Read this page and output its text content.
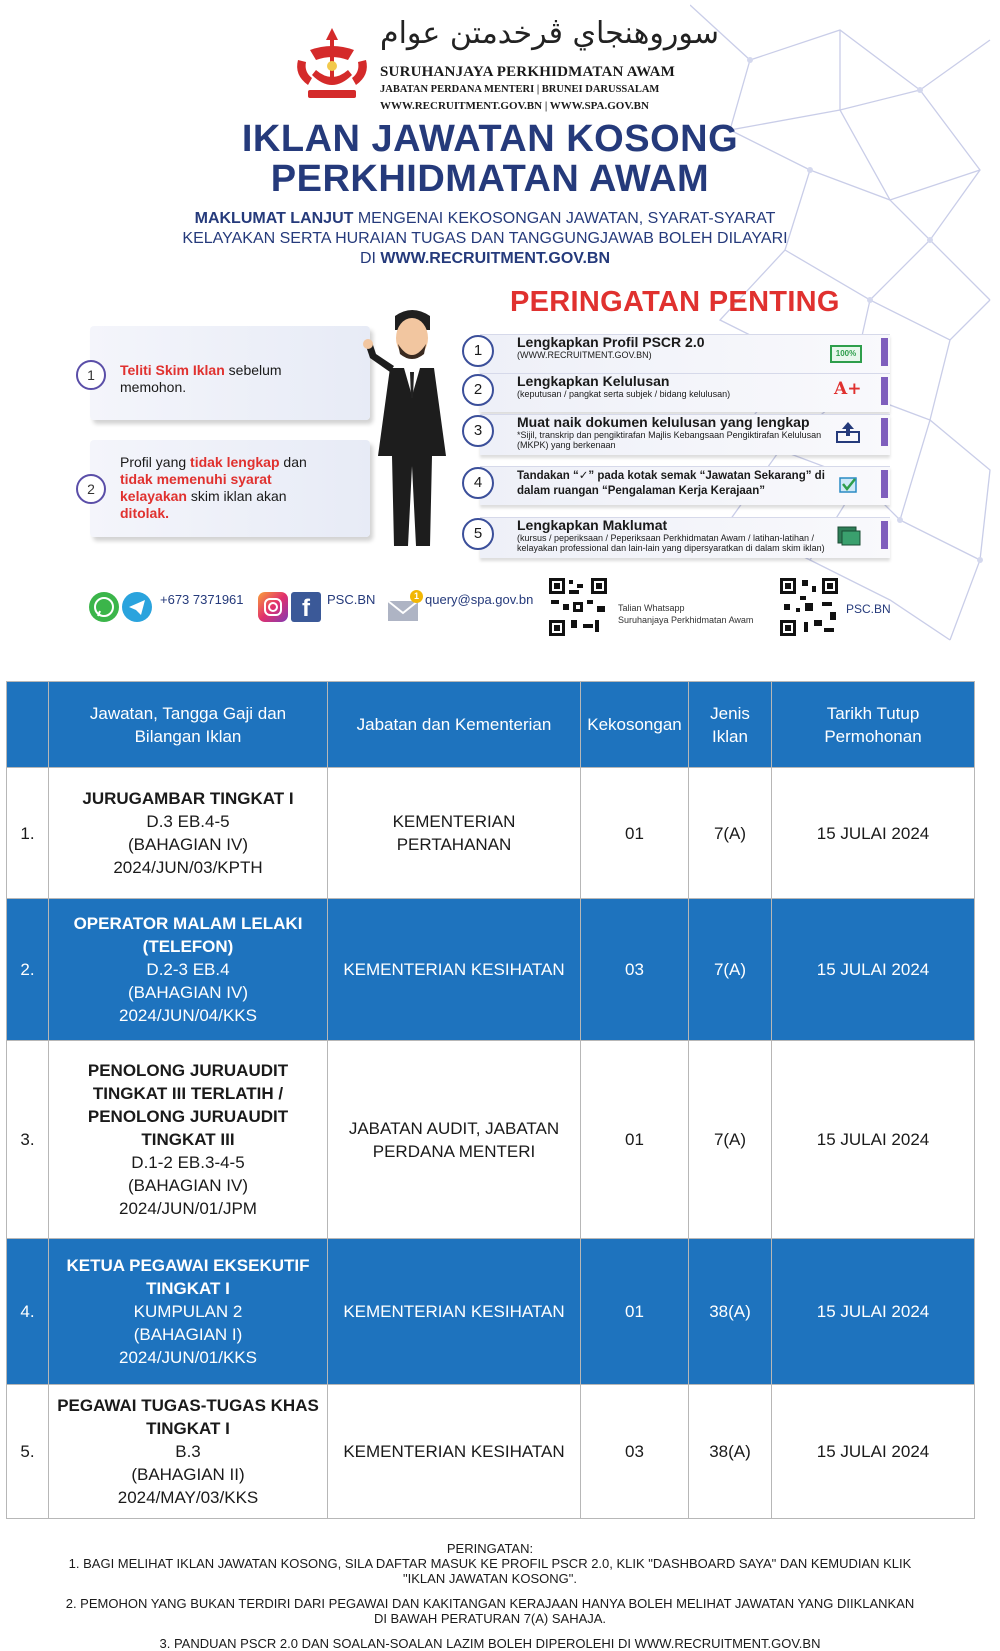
سوروهنجاي ڤرخدمتن عوام
SURUHANJAYA PERKHIDMATAN AWAM
JABATAN PERDANA MENTERI | BRUNEI DARUSSALAM
WWW.RECRUITMENT.GOV.BN | WWW.SPA.GOV.BN
IKLAN JAWATAN KOSONG
PERKHIDMATAN AWAM
MAKLUMAT LANJUT MENGENAI KEKOSONGAN JAWATAN, SYARAT-SYARAT
KELAYAKAN SERTA HURAIAN TUGAS DAN TANGGUNGJAWAB BOLEH DILAYARI
DI WWW.RECRUITMENT.GOV.BN
PERINGATAN PENTING
1	Teliti Skim Iklan sebelum memohon.
2
Profil yang tidak lengkap dan tidak memenuhi syarat kelayakan skim iklan akan ditolak.
1	Lengkapkan Profil PSCR 2.0
(WWW.RECRUITMENT.GOV.BN)	100%
2	Lengkapkan Kelulusan
(keputusan / pangkat serta subjek / bidang kelulusan)	A+
3	Muat naik dokumen kelulusan yang lengkap
*Sijil, transkrip dan pengiktirafan Majlis Kebangsaan Pengiktirafan Kelulusan (MKPK) yang berkenaan
4	Tandakan “✓” pada kotak semak “Jawatan Sekarang” di dalam ruangan “Pengalaman Kerja Kerajaan”
5	Lengkapkan Maklumat
(kursus / peperiksaan / Peperiksaan Perkhidmatan Awam / latihan-latihan / kelayakan professional dan lain-lain yang dipersyaratkan di dalam skim iklan)
+673 7371961	f	PSC.BN	1 query@spa.gov.bn
Talian Whatsapp
Suruhanjaya Perkhidmatan Awam
PSC.BN
	Jawatan, Tangga Gaji dan Bilangan Iklan	Jabatan dan Kementerian	Kekosongan	Jenis Iklan	Tarikh Tutup Permohonan
1.	JURUGAMBAR TINGKAT I
D.3 EB.4-5
(BAHAGIAN IV)
2024/JUN/03/KPTH	KEMENTERIAN PERTAHANAN	01	7(A)	15 JULAI 2024
2.	OPERATOR MALAM LELAKI (TELEFON)
D.2-3 EB.4
(BAHAGIAN IV)
2024/JUN/04/KKS	KEMENTERIAN KESIHATAN	03	7(A)	15 JULAI 2024
3.	PENOLONG JURUAUDIT TINGKAT III TERLATIH / PENOLONG JURUAUDIT TINGKAT III
D.1-2 EB.3-4-5
(BAHAGIAN IV)
2024/JUN/01/JPM	JABATAN AUDIT, JABATAN PERDANA MENTERI	01	7(A)	15 JULAI 2024
4.	KETUA PEGAWAI EKSEKUTIF TINGKAT I
KUMPULAN 2
(BAHAGIAN I)
2024/JUN/01/KKS	KEMENTERIAN KESIHATAN	01	38(A)	15 JULAI 2024
5.	PEGAWAI TUGAS-TUGAS KHAS TINGKAT I
B.3
(BAHAGIAN II)
2024/MAY/03/KKS	KEMENTERIAN KESIHATAN	03	38(A)	15 JULAI 2024
PERINGATAN:
1. BAGI MELIHAT IKLAN JAWATAN KOSONG, SILA DAFTAR MASUK KE PROFIL PSCR 2.0, KLIK "DASHBOARD SAYA" DAN KEMUDIAN KLIK "IKLAN JAWATAN KOSONG".
2. PEMOHON YANG BUKAN TERDIRI DARI PEGAWAI DAN KAKITANGAN KERAJAAN HANYA BOLEH MELIHAT JAWATAN YANG DIIKLANKAN DI BAWAH PERATURAN 7(A) SAHAJA.
3. PANDUAN PSCR 2.0 DAN SOALAN-SOALAN LAZIM BOLEH DIPEROLEHI DI WWW.RECRUITMENT.GOV.BN
